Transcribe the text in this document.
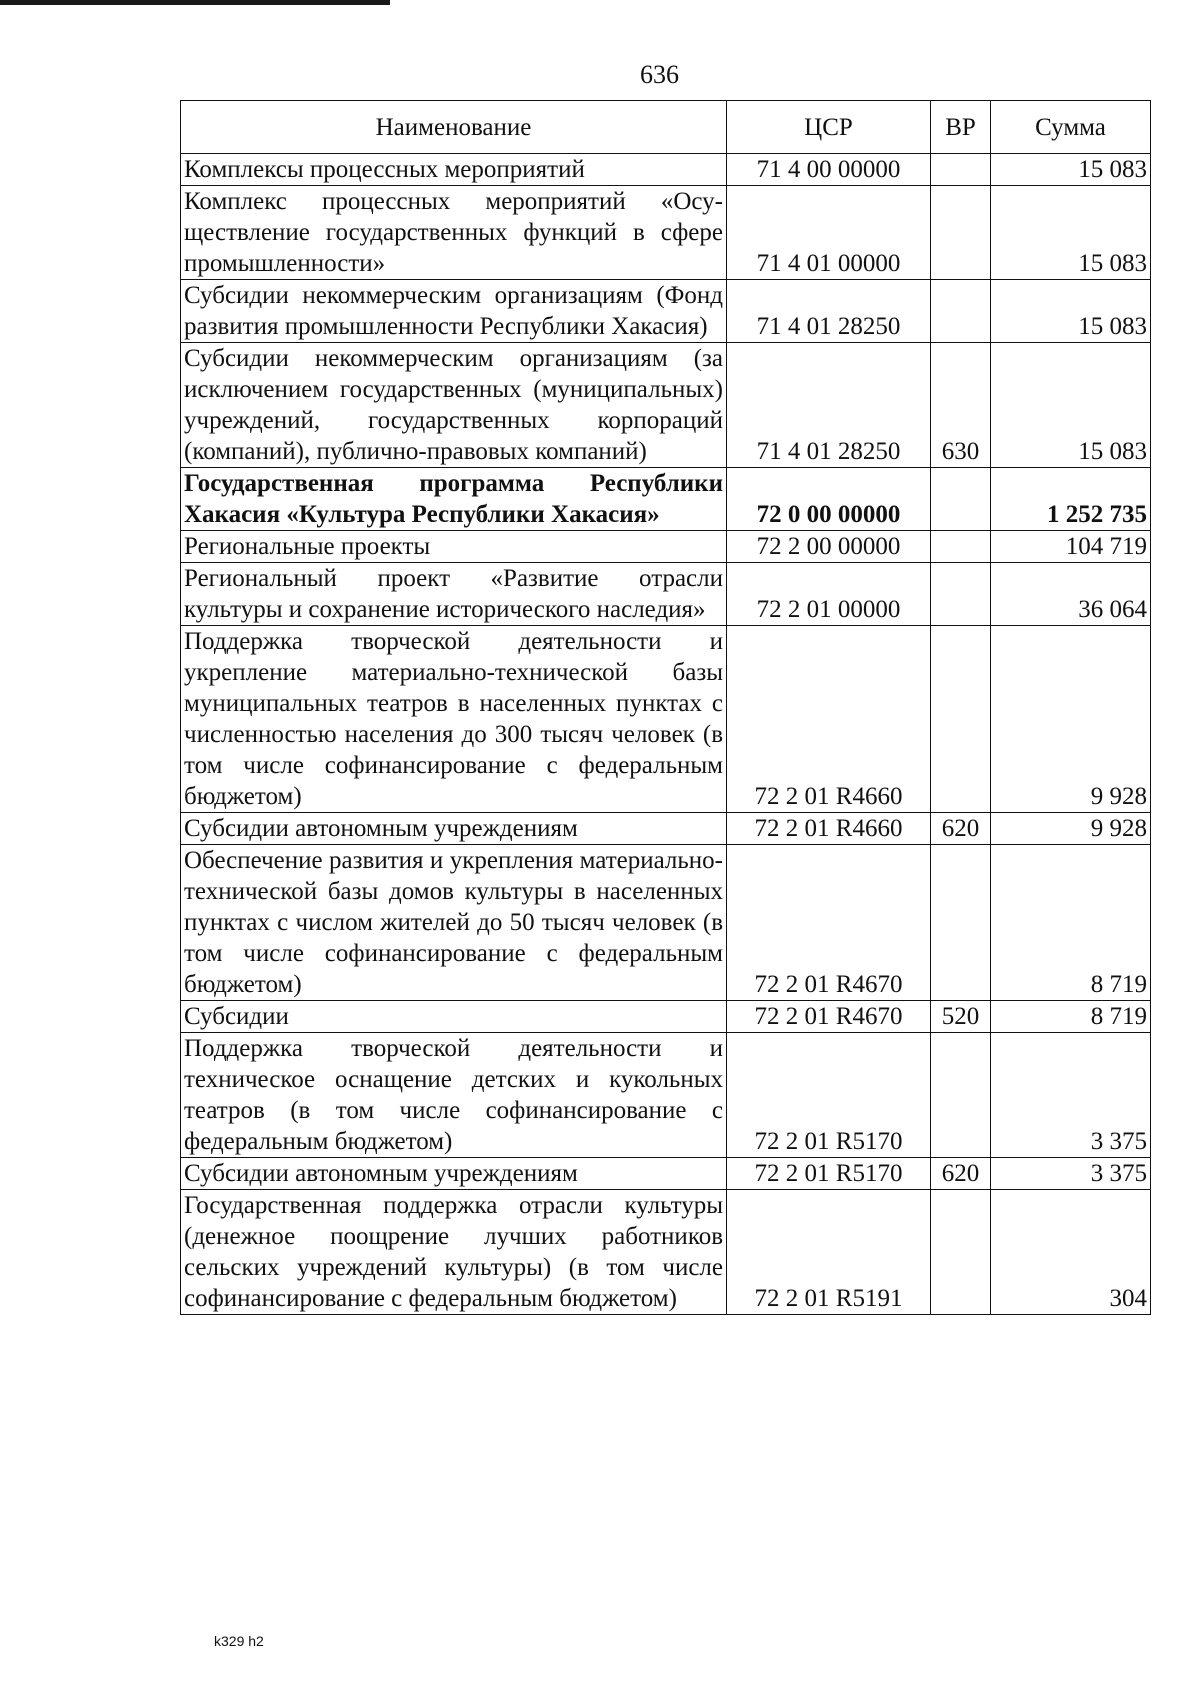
636
Наименование	ЦСР	ВР	Сумма
Комплексы процессных мероприятий	71 4 00 00000		15 083
Комплекс процессных мероприятий «Осуществление государственных функций в сфере промышленности»	71 4 01 00000		15 083
Субсидии некоммерческим организациям (Фонд развития промышленности Республики Хакасия)	71 4 01 28250		15 083
Субсидии некоммерческим организациям (за исключением государственных (муниципальных) учреждений, государственных корпораций (компаний), публично-правовых компаний)	71 4 01 28250	630	15 083
Государственная программа Республики Хакасия «Культура Республики Хакасия»	72 0 00 00000		1 252 735
Региональные проекты	72 2 00 00000		104 719
Региональный проект «Развитие отрасли культуры и сохранение исторического наследия»	72 2 01 00000		36 064
Поддержка творческой деятельности и укрепление материально-технической базы муниципальных театров в населенных пунктах с численностью населения до 300 тысяч человек (в том числе софинансирование с федеральным бюджетом)	72 2 01 R4660		9 928
Субсидии автономным учреждениям	72 2 01 R4660	620	9 928
Обеспечение развития и укрепления материально-технической базы домов культуры в населенных пунктах с числом жителей до 50 тысяч человек (в том числе софинансирование с федеральным бюджетом)	72 2 01 R4670		8 719
Субсидии	72 2 01 R4670	520	8 719
Поддержка творческой деятельности и техническое оснащение детских и кукольных театров (в том числе софинансирование с федеральным бюджетом)	72 2 01 R5170		3 375
Субсидии автономным учреждениям	72 2 01 R5170	620	3 375
Государственная поддержка отрасли культуры (денежное поощрение лучших работников сельских учреждений культуры) (в том числе софинансирование с федеральным бюджетом)	72 2 01 R5191		304
k329 h2
